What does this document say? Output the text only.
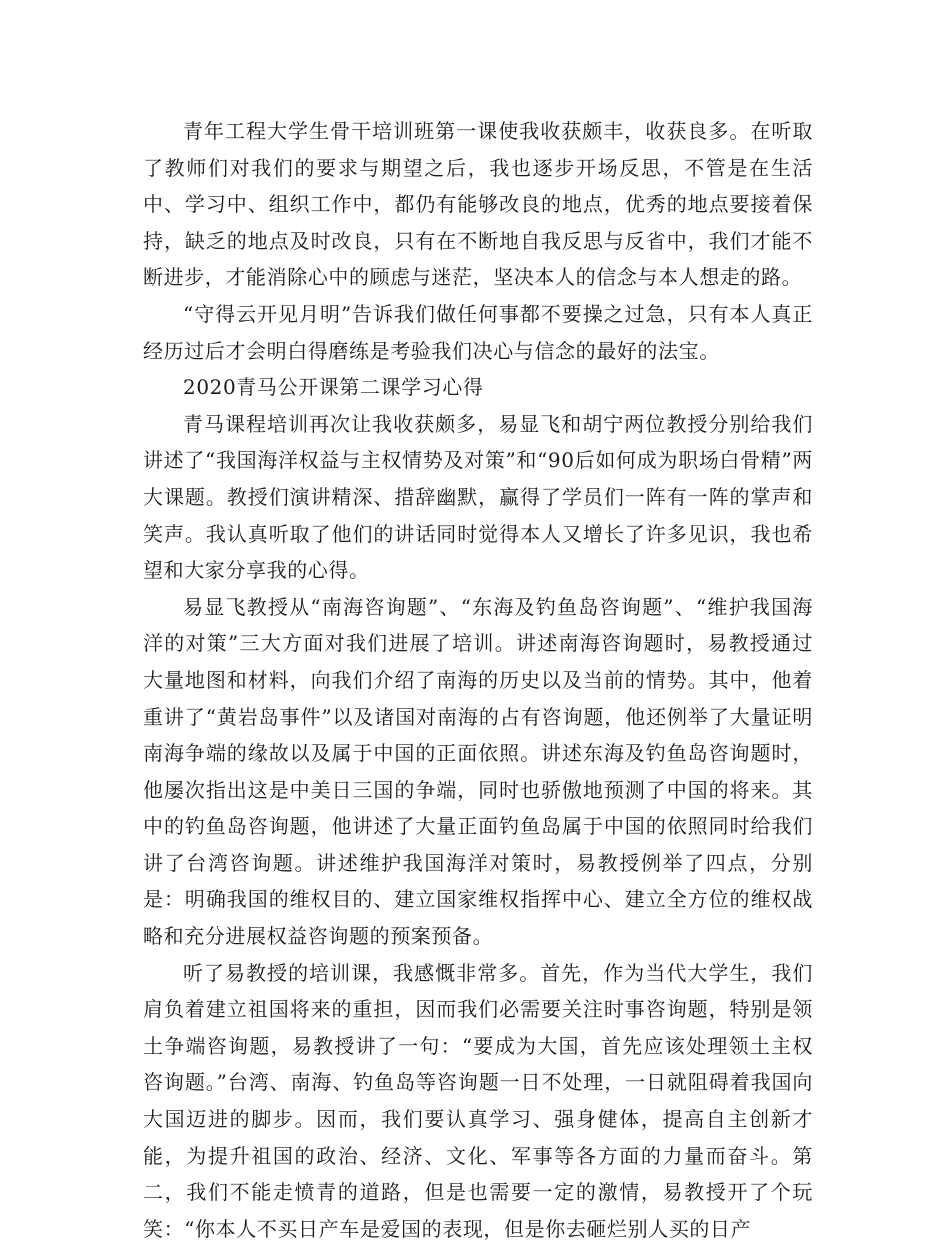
青年工程大学生骨干培训班第一课使我收获颇丰，收获良多。在听取了教师们对我们的要求与期望之后，我也逐步开场反思，不管是在生活中、学习中、组织工作中，都仍有能够改良的地点，优秀的地点要接着保持，缺乏的地点及时改良，只有在不断地自我反思与反省中，我们才能不断进步，才能消除心中的顾虑与迷茫，坚决本人的信念与本人想走的路。

“守得云开见月明”告诉我们做任何事都不要操之过急，只有本人真正经历过后才会明白得磨练是考验我们决心与信念的最好的法宝。

2020青马公开课第二课学习心得

青马课程培训再次让我收获颇多，易显飞和胡宁两位教授分别给我们讲述了“我国海洋权益与主权情势及对策”和“90后如何成为职场白骨精”两大课题。教授们演讲精深、措辞幽默，赢得了学员们一阵有一阵的掌声和笑声。我认真听取了他们的讲话同时觉得本人又增长了许多见识，我也希望和大家分享我的心得。

易显飞教授从“南海咨询题”、“东海及钓鱼岛咨询题”、“维护我国海洋的对策”三大方面对我们进展了培训。讲述南海咨询题时，易教授通过大量地图和材料，向我们介绍了南海的历史以及当前的情势。其中，他着重讲了“黄岩岛事件”以及诸国对南海的占有咨询题，他还例举了大量证明南海争端的缘故以及属于中国的正面依照。讲述东海及钓鱼岛咨询题时，他屡次指出这是中美日三国的争端，同时也骄傲地预测了中国的将来。其中的钓鱼岛咨询题，他讲述了大量正面钓鱼岛属于中国的依照同时给我们讲了台湾咨询题。讲述维护我国海洋对策时，易教授例举了四点，分别是：明确我国的维权目的、建立国家维权指挥中心、建立全方位的维权战略和充分进展权益咨询题的预案预备。

听了易教授的培训课，我感慨非常多。首先，作为当代大学生，我们肩负着建立祖国将来的重担，因而我们必需要关注时事咨询题，特别是领土争端咨询题，易教授讲了一句：“要成为大国，首先应该处理领土主权咨询题。”台湾、南海、钓鱼岛等咨询题一日不处理，一日就阻碍着我国向大国迈进的脚步。因而，我们要认真学习、强身健体，提高自主创新才能，为提升祖国的政治、经济、文化、军事等各方面的力量而奋斗。第二，我们不能走愤青的道路，但是也需要一定的激情，易教授开了个玩笑：“你本人不买日产车是爱国的表现，但是你去砸烂别人买的日产
